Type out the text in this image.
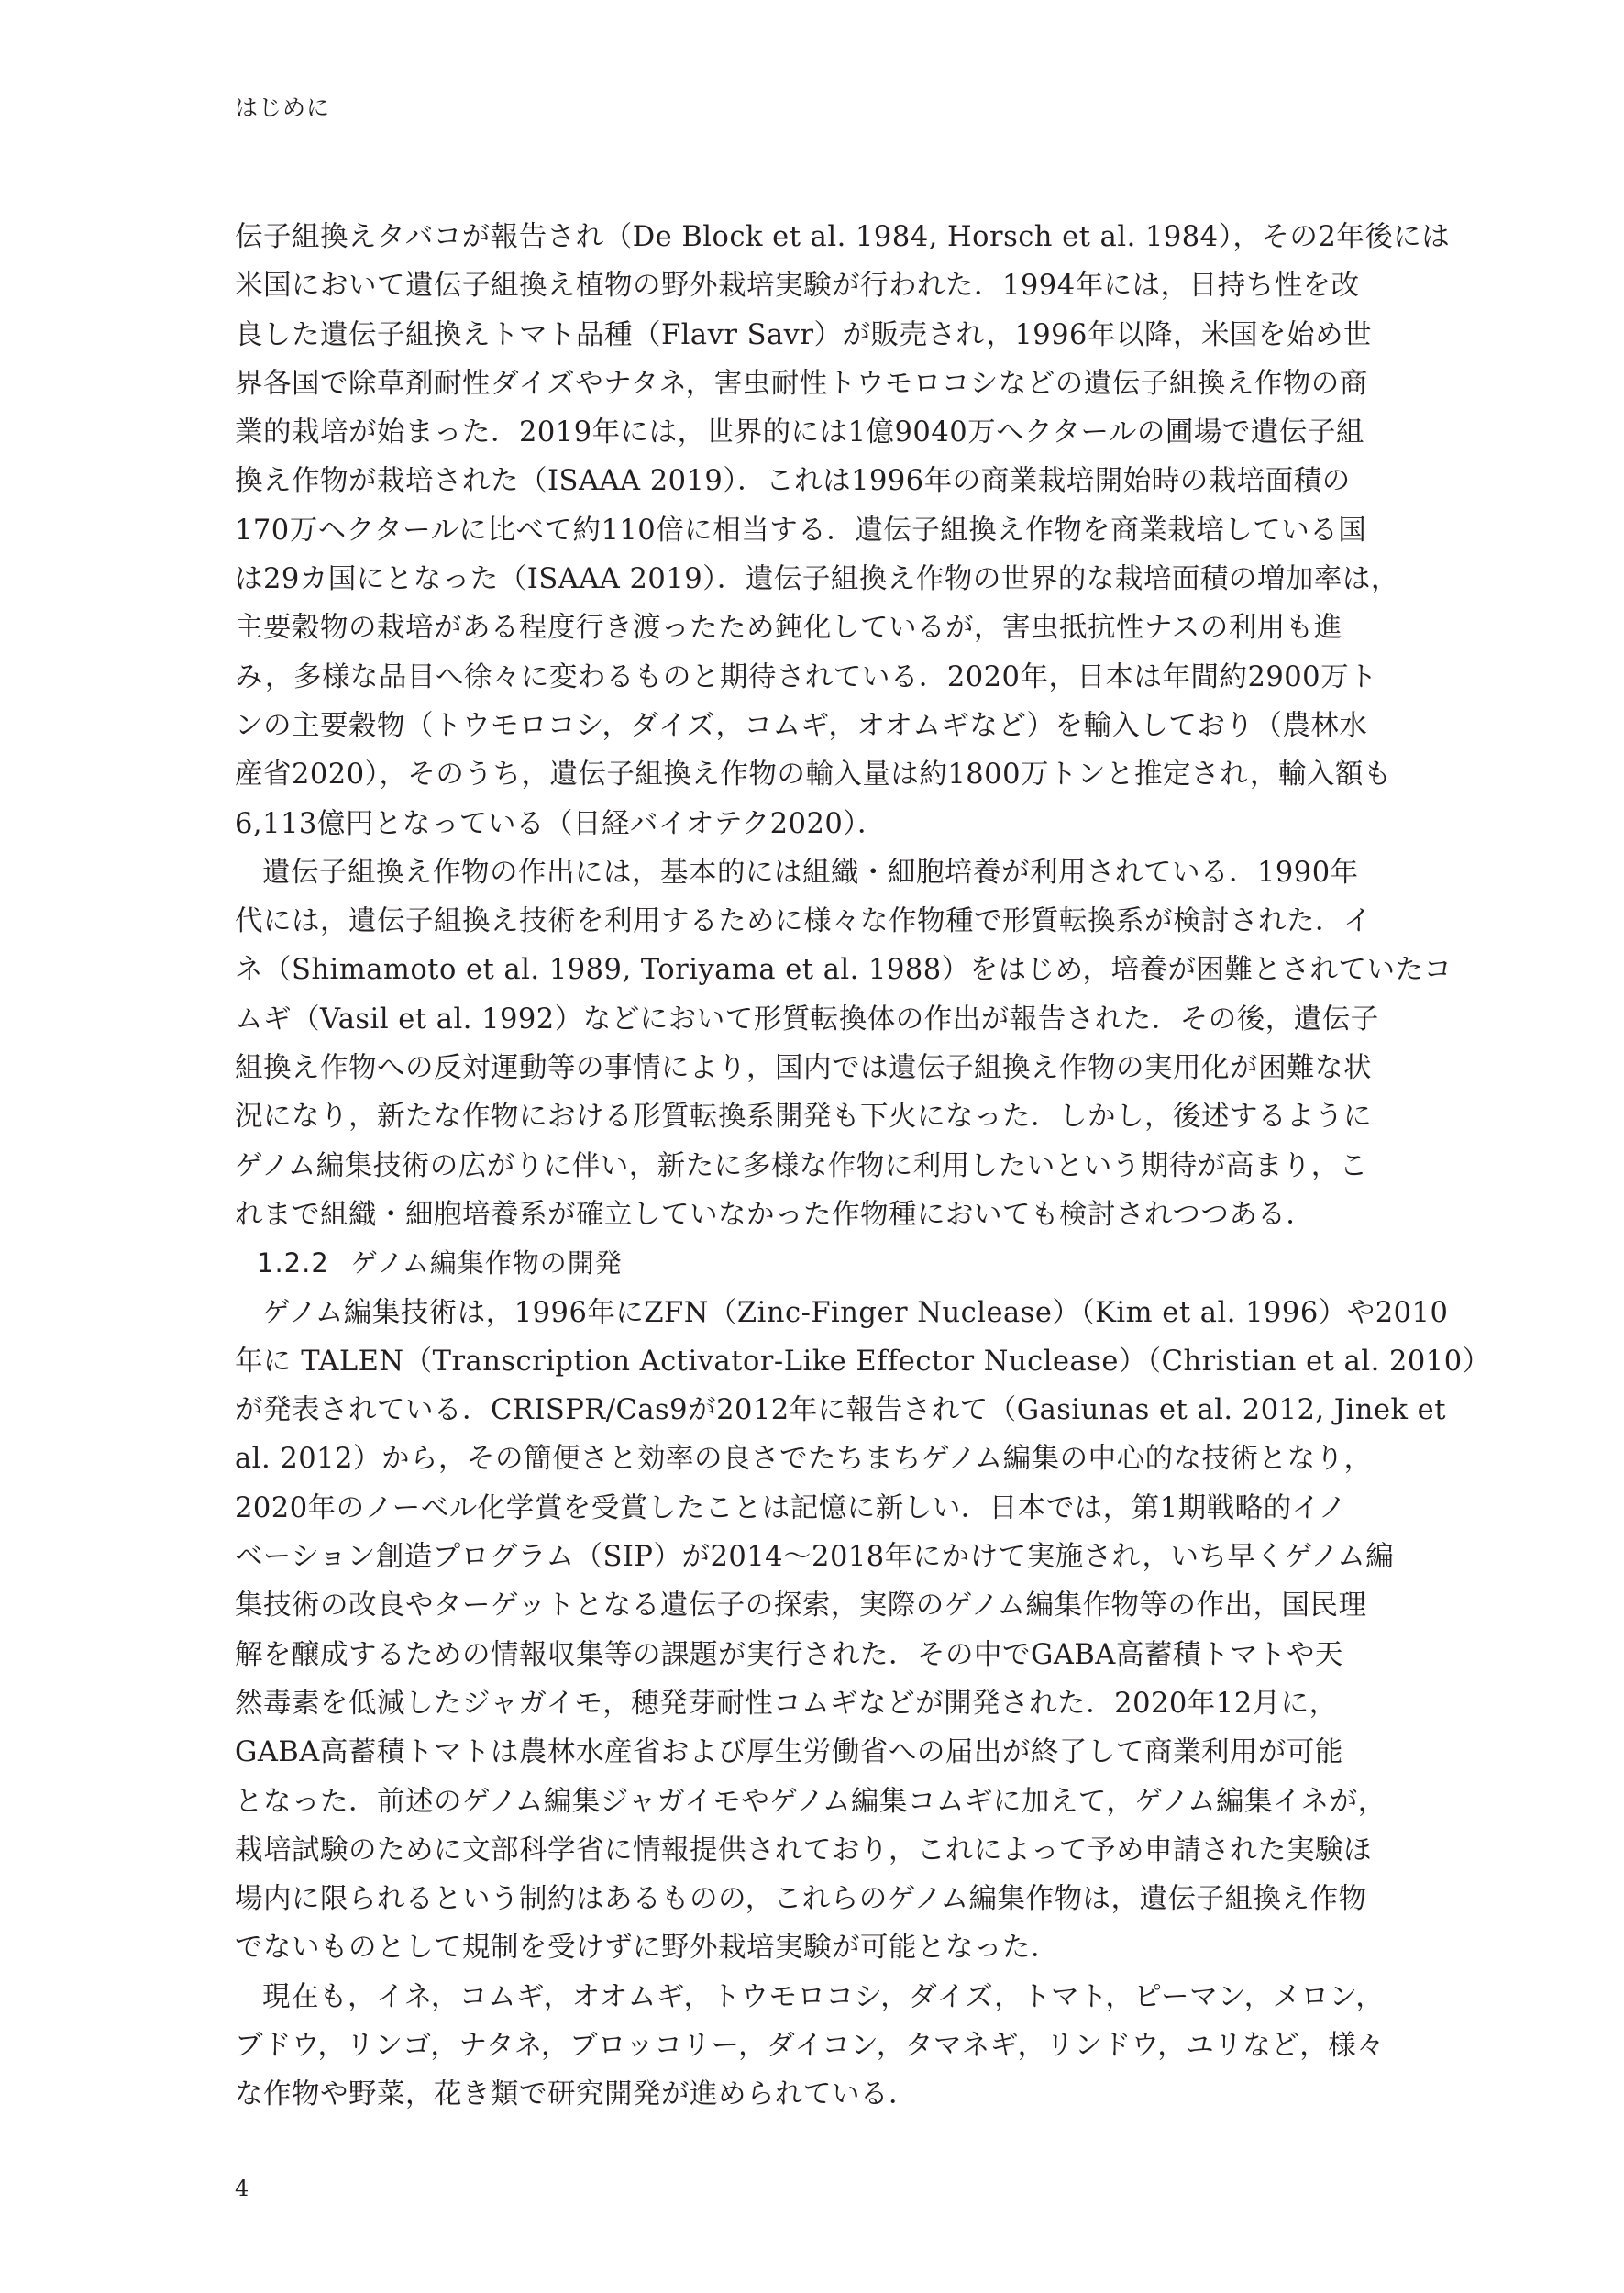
はじめに
伝子組換えタバコが報告され（De Block et al. 1984, Horsch et al. 1984），その2年後には
米国において遺伝子組換え植物の野外栽培実験が行われた．1994年には，日持ち性を改
良した遺伝子組換えトマト品種（Flavr Savr）が販売され，1996年以降，米国を始め世
界各国で除草剤耐性ダイズやナタネ，害虫耐性トウモロコシなどの遺伝子組換え作物の商
業的栽培が始まった．2019年には，世界的には1億9040万ヘクタールの圃場で遺伝子組
換え作物が栽培された（ISAAA 2019）．これは1996年の商業栽培開始時の栽培面積の
170万ヘクタールに比べて約110倍に相当する．遺伝子組換え作物を商業栽培している国
は29カ国にとなった（ISAAA 2019）．遺伝子組換え作物の世界的な栽培面積の増加率は，
主要穀物の栽培がある程度行き渡ったため鈍化しているが，害虫抵抗性ナスの利用も進
み，多様な品目へ徐々に変わるものと期待されている．2020年，日本は年間約2900万ト
ンの主要穀物（トウモロコシ，ダイズ，コムギ，オオムギなど）を輸入しており（農林水
産省2020），そのうち，遺伝子組換え作物の輸入量は約1800万トンと推定され，輸入額も
6,113億円となっている（日経バイオテク2020）．
遺伝子組換え作物の作出には，基本的には組織・細胞培養が利用されている．1990年
代には，遺伝子組換え技術を利用するために様々な作物種で形質転換系が検討された．イ
ネ（Shimamoto et al. 1989, Toriyama et al. 1988）をはじめ，培養が困難とされていたコ
ムギ（Vasil et al. 1992）などにおいて形質転換体の作出が報告された．その後，遺伝子
組換え作物への反対運動等の事情により，国内では遺伝子組換え作物の実用化が困難な状
況になり，新たな作物における形質転換系開発も下火になった．しかし，後述するように
ゲノム編集技術の広がりに伴い，新たに多様な作物に利用したいという期待が高まり，こ
れまで組織・細胞培養系が確立していなかった作物種においても検討されつつある．
1.2.2 ゲノム編集作物の開発
ゲノム編集技術は，1996年にZFN（Zinc-Finger Nuclease）（Kim et al. 1996）や2010
年に TALEN（Transcription Activator-Like Effector Nuclease）（Christian et al. 2010）
が発表されている．CRISPR/Cas9が2012年に報告されて（Gasiunas et al. 2012, Jinek et
al. 2012）から，その簡便さと効率の良さでたちまちゲノム編集の中心的な技術となり，
2020年のノーベル化学賞を受賞したことは記憶に新しい．日本では，第1期戦略的イノ
ベーション創造プログラム（SIP）が2014〜2018年にかけて実施され，いち早くゲノム編
集技術の改良やターゲットとなる遺伝子の探索，実際のゲノム編集作物等の作出，国民理
解を醸成するための情報収集等の課題が実行された．その中でGABA高蓄積トマトや天
然毒素を低減したジャガイモ，穂発芽耐性コムギなどが開発された．2020年12月に，
GABA高蓄積トマトは農林水産省および厚生労働省への届出が終了して商業利用が可能
となった．前述のゲノム編集ジャガイモやゲノム編集コムギに加えて，ゲノム編集イネが，
栽培試験のために文部科学省に情報提供されており，これによって予め申請された実験ほ
場内に限られるという制約はあるものの，これらのゲノム編集作物は，遺伝子組換え作物
でないものとして規制を受けずに野外栽培実験が可能となった．
現在も，イネ，コムギ，オオムギ，トウモロコシ，ダイズ，トマト，ピーマン，メロン，
ブドウ，リンゴ，ナタネ，ブロッコリー，ダイコン，タマネギ，リンドウ，ユリなど，様々
な作物や野菜，花き類で研究開発が進められている．
4
